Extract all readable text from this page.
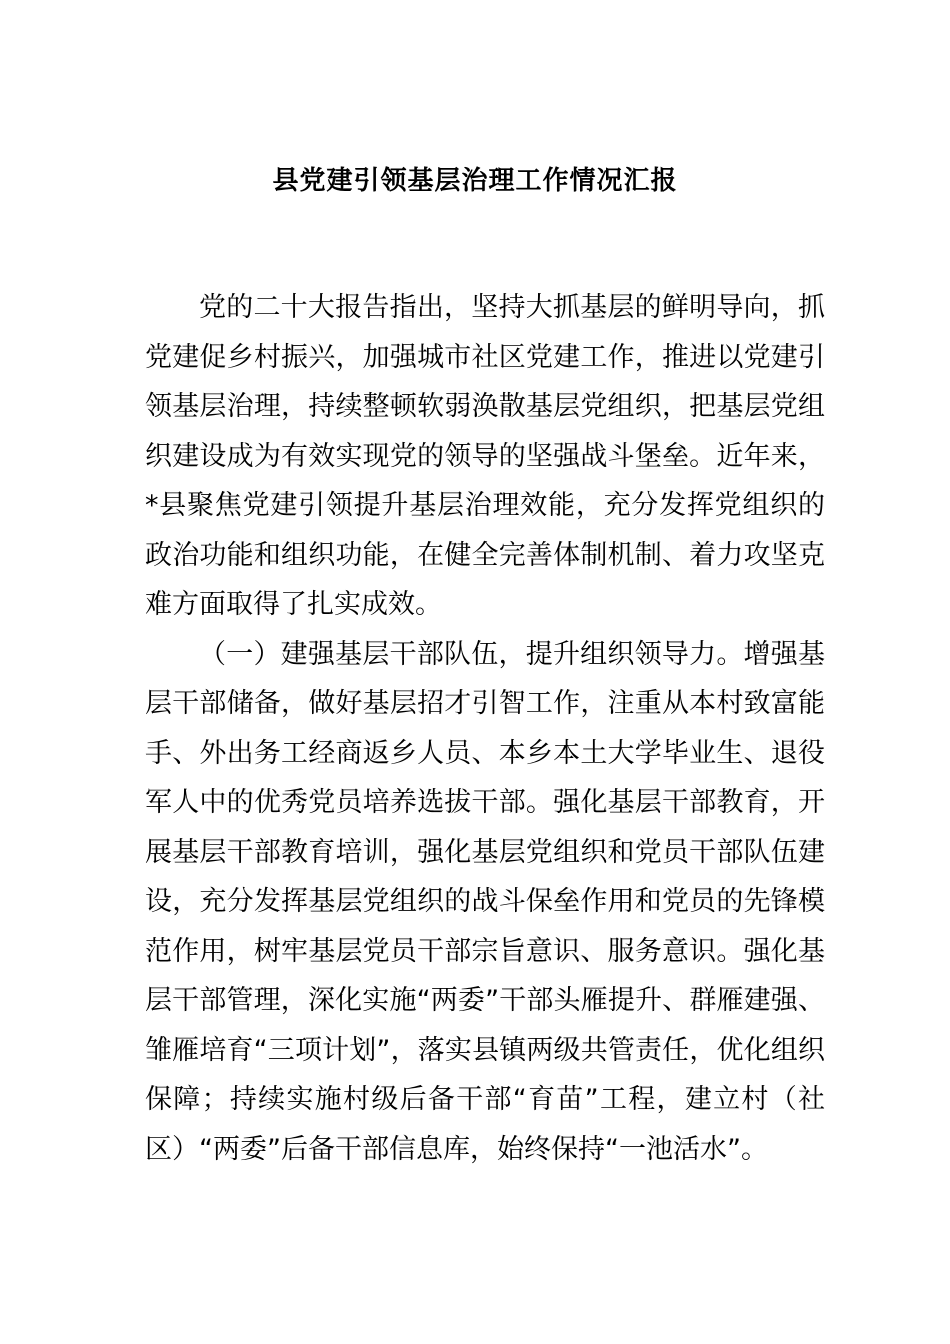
县党建引领基层治理工作情况汇报

党的二十大报告指出，坚持大抓基层的鲜明导向，抓党建促乡村振兴，加强城市社区党建工作，推进以党建引领基层治理，持续整顿软弱涣散基层党组织，把基层党组织建设成为有效实现党的领导的坚强战斗堡垒。近年来，*县聚焦党建引领提升基层治理效能，充分发挥党组织的政治功能和组织功能，在健全完善体制机制、着力攻坚克难方面取得了扎实成效。

（一）建强基层干部队伍，提升组织领导力。增强基层干部储备，做好基层招才引智工作，注重从本村致富能手、外出务工经商返乡人员、本乡本土大学毕业生、退役军人中的优秀党员培养选拔干部。强化基层干部教育，开展基层干部教育培训，强化基层党组织和党员干部队伍建设，充分发挥基层党组织的战斗保垒作用和党员的先锋模范作用，树牢基层党员干部宗旨意识、服务意识。强化基层干部管理，深化实施“两委”干部头雁提升、群雁建强、雏雁培育“三项计划”，落实县镇两级共管责任，优化组织保障；持续实施村级后备干部“育苗”工程，建立村（社区）“两委”后备干部信息库，始终保持“一池活水”。
